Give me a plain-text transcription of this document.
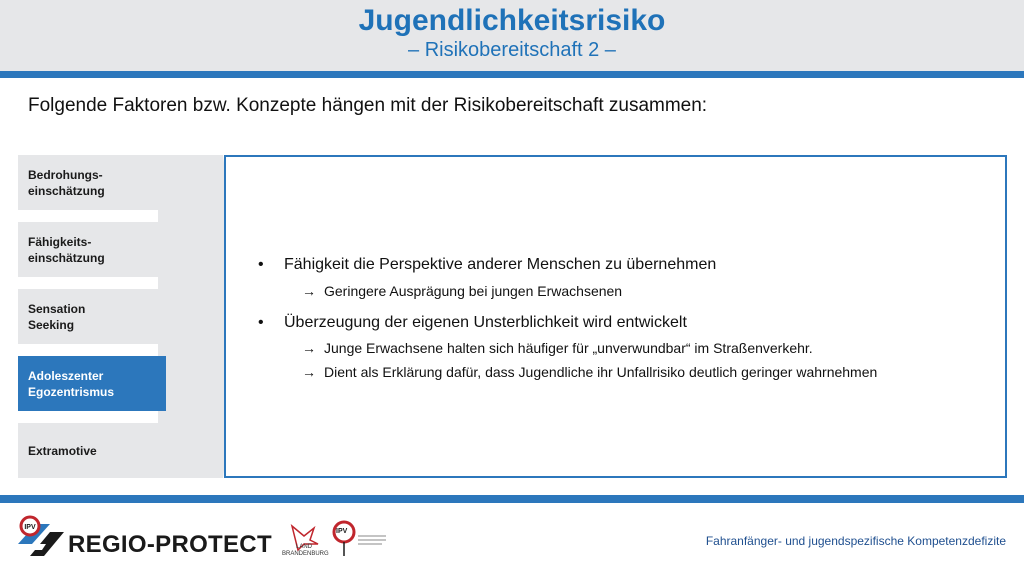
Jugendlichkeitsrisiko
– Risikobereitschaft 2 –
Folgende Faktoren bzw. Konzepte hängen mit der Risikobereitschaft zusammen:
Bedrohungs-
einschätzung
Fähigkeits-
einschätzung
Sensation
Seeking
Adoleszenter
Egozentrismus
Extramotive
• Fähigkeit die Perspektive anderer Menschen zu übernehmen
→ Geringere Ausprägung bei jungen Erwachsenen
• Überzeugung der eigenen Unsterblichkeit wird entwickelt
→ Junge Erwachsene halten sich häufiger für „unverwundbar“ im Straßenverkehr.
→ Dient als Erklärung dafür, dass Jugendliche ihr Unfallrisiko deutlich geringer wahrnehmen
IPV
REGIO-PROTECT	LAND
BRANDENBURG
IPV
Fahranfänger- und jugendspezifische Kompetenzdefizite
